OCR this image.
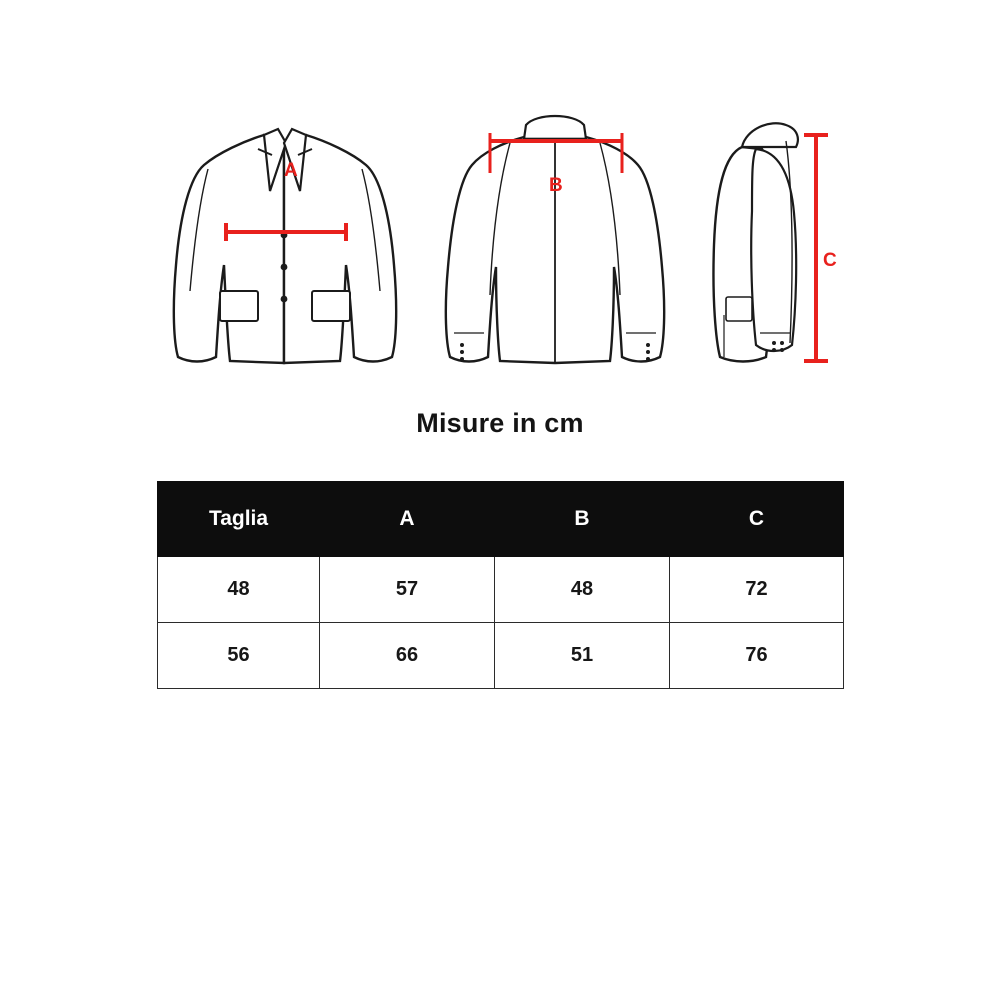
A
B
C
Misure in cm
Taglia	A	B	C
48	57	48	72
56	66	51	76
